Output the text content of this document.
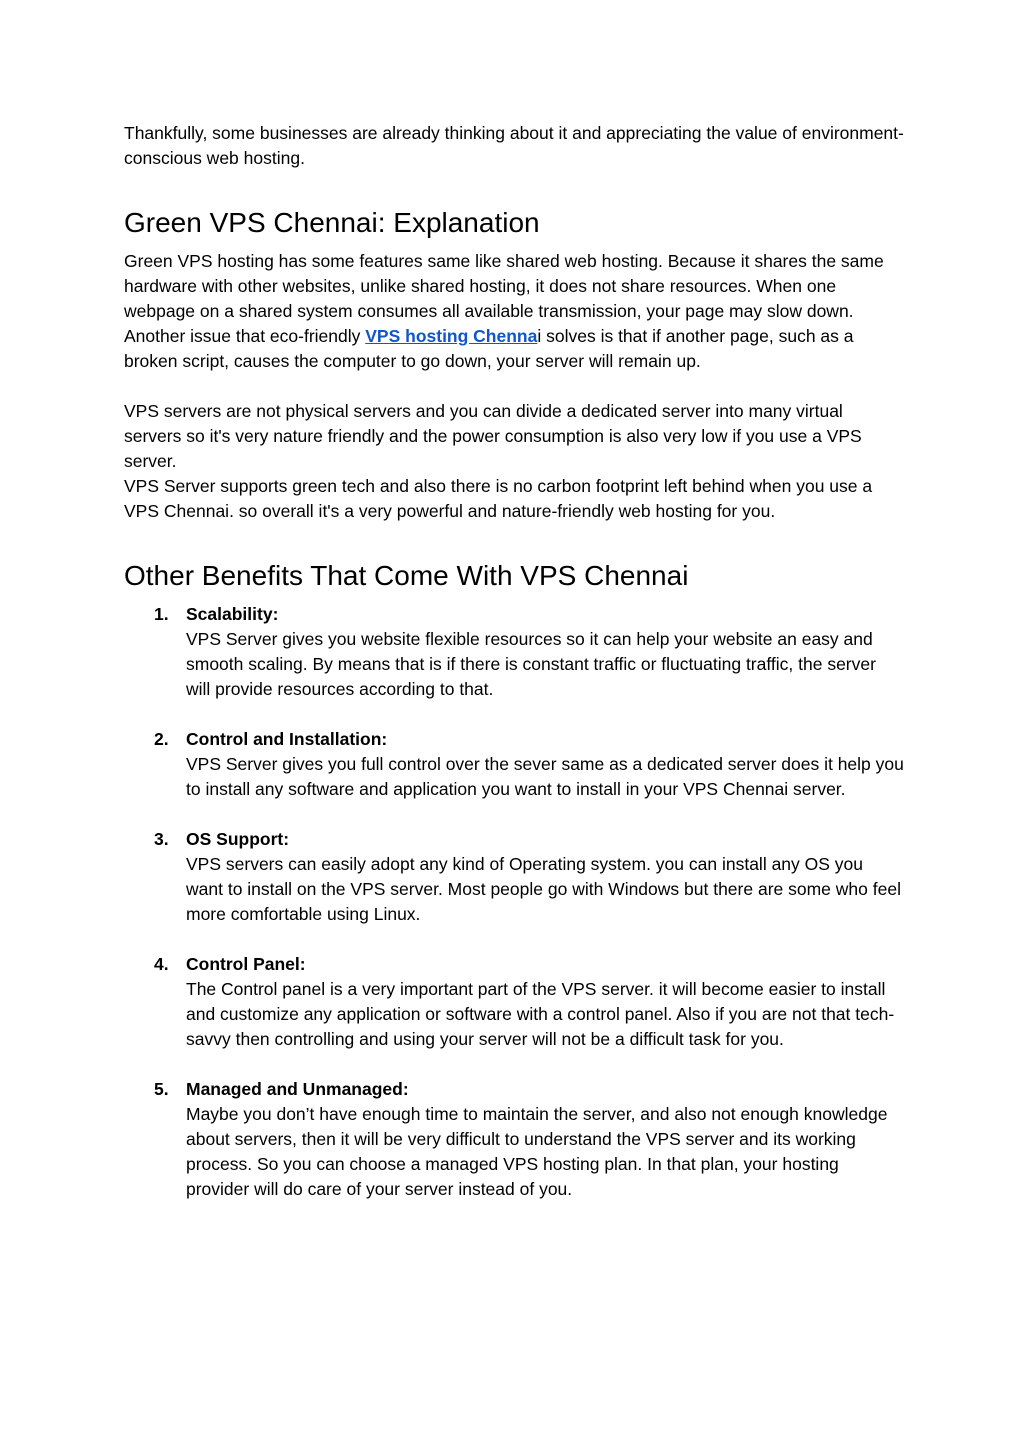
Thankfully, some businesses are already thinking about it and appreciating the value of environment-conscious web hosting.

Green VPS Chennai: Explanation

Green VPS hosting has some features same like shared web hosting. Because it shares the same hardware with other websites, unlike shared hosting, it does not share resources. When one webpage on a shared system consumes all available transmission, your page may slow down.

Another issue that eco-friendly VPS hosting Chennai solves is that if another page, such as a broken script, causes the computer to go down, your server will remain up.

VPS servers are not physical servers and you can divide a dedicated server into many virtual servers so it's very nature friendly and the power consumption is also very low if you use a VPS server.

VPS Server supports green tech and also there is no carbon footprint left behind when you use a VPS Chennai. so overall it's a very powerful and nature-friendly web hosting for you.

Other Benefits That Come With VPS Chennai
1. Scalability:
VPS Server gives you website flexible resources so it can help your website an easy and smooth scaling. By means that is if there is constant traffic or fluctuating traffic, the server will provide resources according to that.
2. Control and Installation:
VPS Server gives you full control over the sever same as a dedicated server does it help you to install any software and application you want to install in your VPS Chennai server.
3. OS Support:
VPS servers can easily adopt any kind of Operating system. you can install any OS you want to install on the VPS server. Most people go with Windows but there are some who feel more comfortable using Linux.
4. Control Panel:
The Control panel is a very important part of the VPS server. it will become easier to install and customize any application or software with a control panel. Also if you are not that tech-savvy then controlling and using your server will not be a difficult task for you.
5. Managed and Unmanaged:
Maybe you don’t have enough time to maintain the server, and also not enough knowledge about servers, then it will be very difficult to understand the VPS server and its working process. So you can choose a managed VPS hosting plan. In that plan, your hosting provider will do care of your server instead of you.
